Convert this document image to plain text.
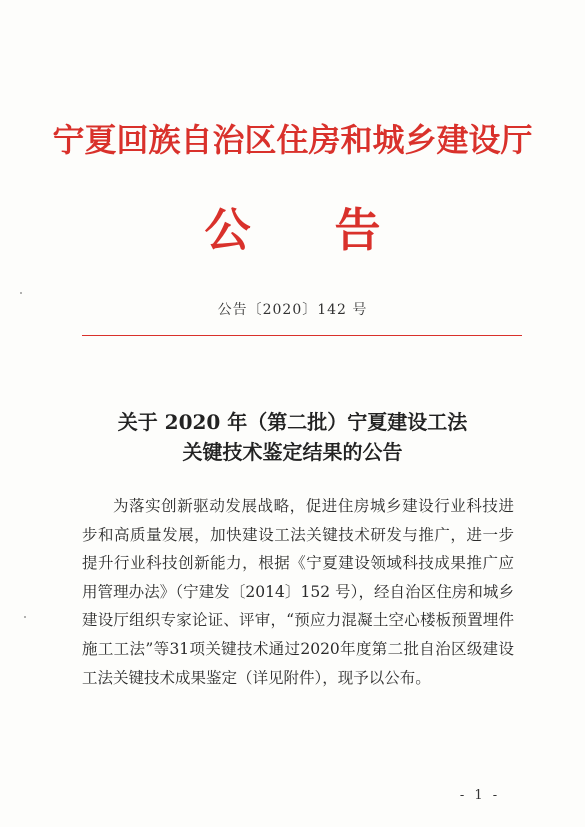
宁夏回族自治区住房和城乡建设厅
公 告
公告〔2020〕142 号
关于 2020 年（第二批）宁夏建设工法
关键技术鉴定结果的公告
为落实创新驱动发展战略，促进住房城乡建设行业科技进步和高质量发展，加快建设工法关键技术研发与推广，进一步提升行业科技创新能力，根据《宁夏建设领域科技成果推广应用管理办法》（宁建发〔2014〕152 号），经自治区住房和城乡建设厅组织专家论证、评审，“预应力混凝土空心楼板预置埋件施工工法”等31项关键技术通过2020年度第二批自治区级建设工法关键技术成果鉴定（详见附件），现予以公布。
- 1 -
